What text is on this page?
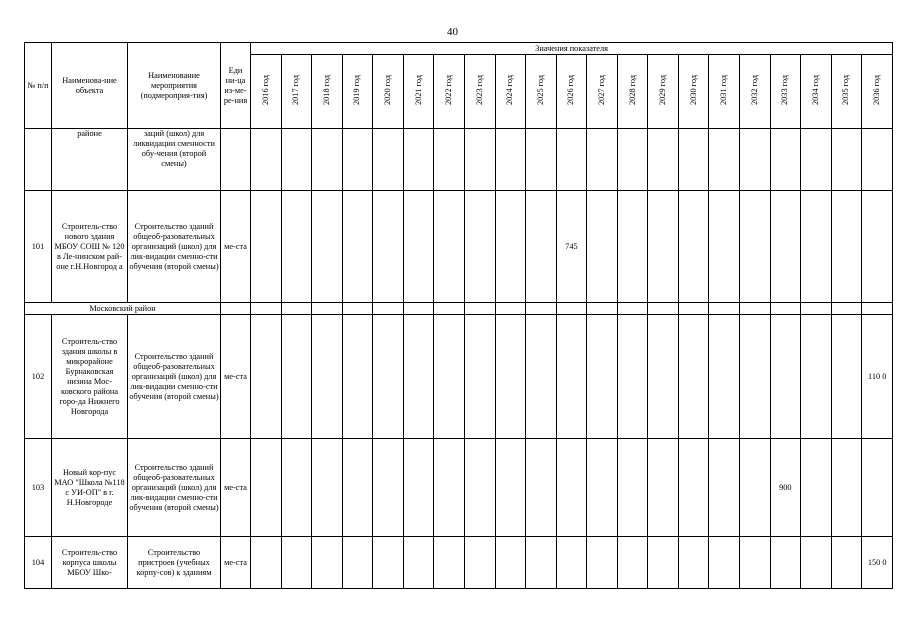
40
№ п/п	Наименова-ние объекта	Наименование мероприятия (подмероприя-тия)	Еди ни-ца из-ме-ре-ния	Значения показателя																				
				2016 год	2017 год	2018 год	2019 год	2020 год	2021 год	2022 год	2023 год	2024 год	2025 год	2026 год	2027 год	2028 год	2029 год	2030 год	2031 год	2032 год	2033 год	2034 год	2035 год	2036 год
	районе	заций (школ) для ликвидации сменности обу-чения (второй смены)																						
101	Строитель-ство нового здания МБОУ СОШ № 120 в Ле-нинском рай-оне г.Н.Новгород а	Строительство зданий общеоб-разовательных организаций (школ) для лик-видации сменно-сти обучения (второй смены)	ме-ста											745										
Московский район																								
102	Строитель-ство здания школы в микрорайоне Бурнаковская низина Мос-ковского района горо-да Нижнего Новгорода	Строительство зданий общеоб-разовательных организаций (школ) для лик-видации сменно-сти обучения (второй смены)	ме-ста																					110 0
103	Новый кор-пус МАО "Школа №118 с УИ-ОП" в г. Н.Новгороде	Строительство зданий общеоб-разовательных организаций (школ) для лик-видации сменно-сти обучения (второй смены)	ме-ста																		900			
104	Строитель-ство корпуса школы МБОУ Шко-	Строительство пристроев (учебных корпу-сов) к зданиям	ме-ста																					150 0
